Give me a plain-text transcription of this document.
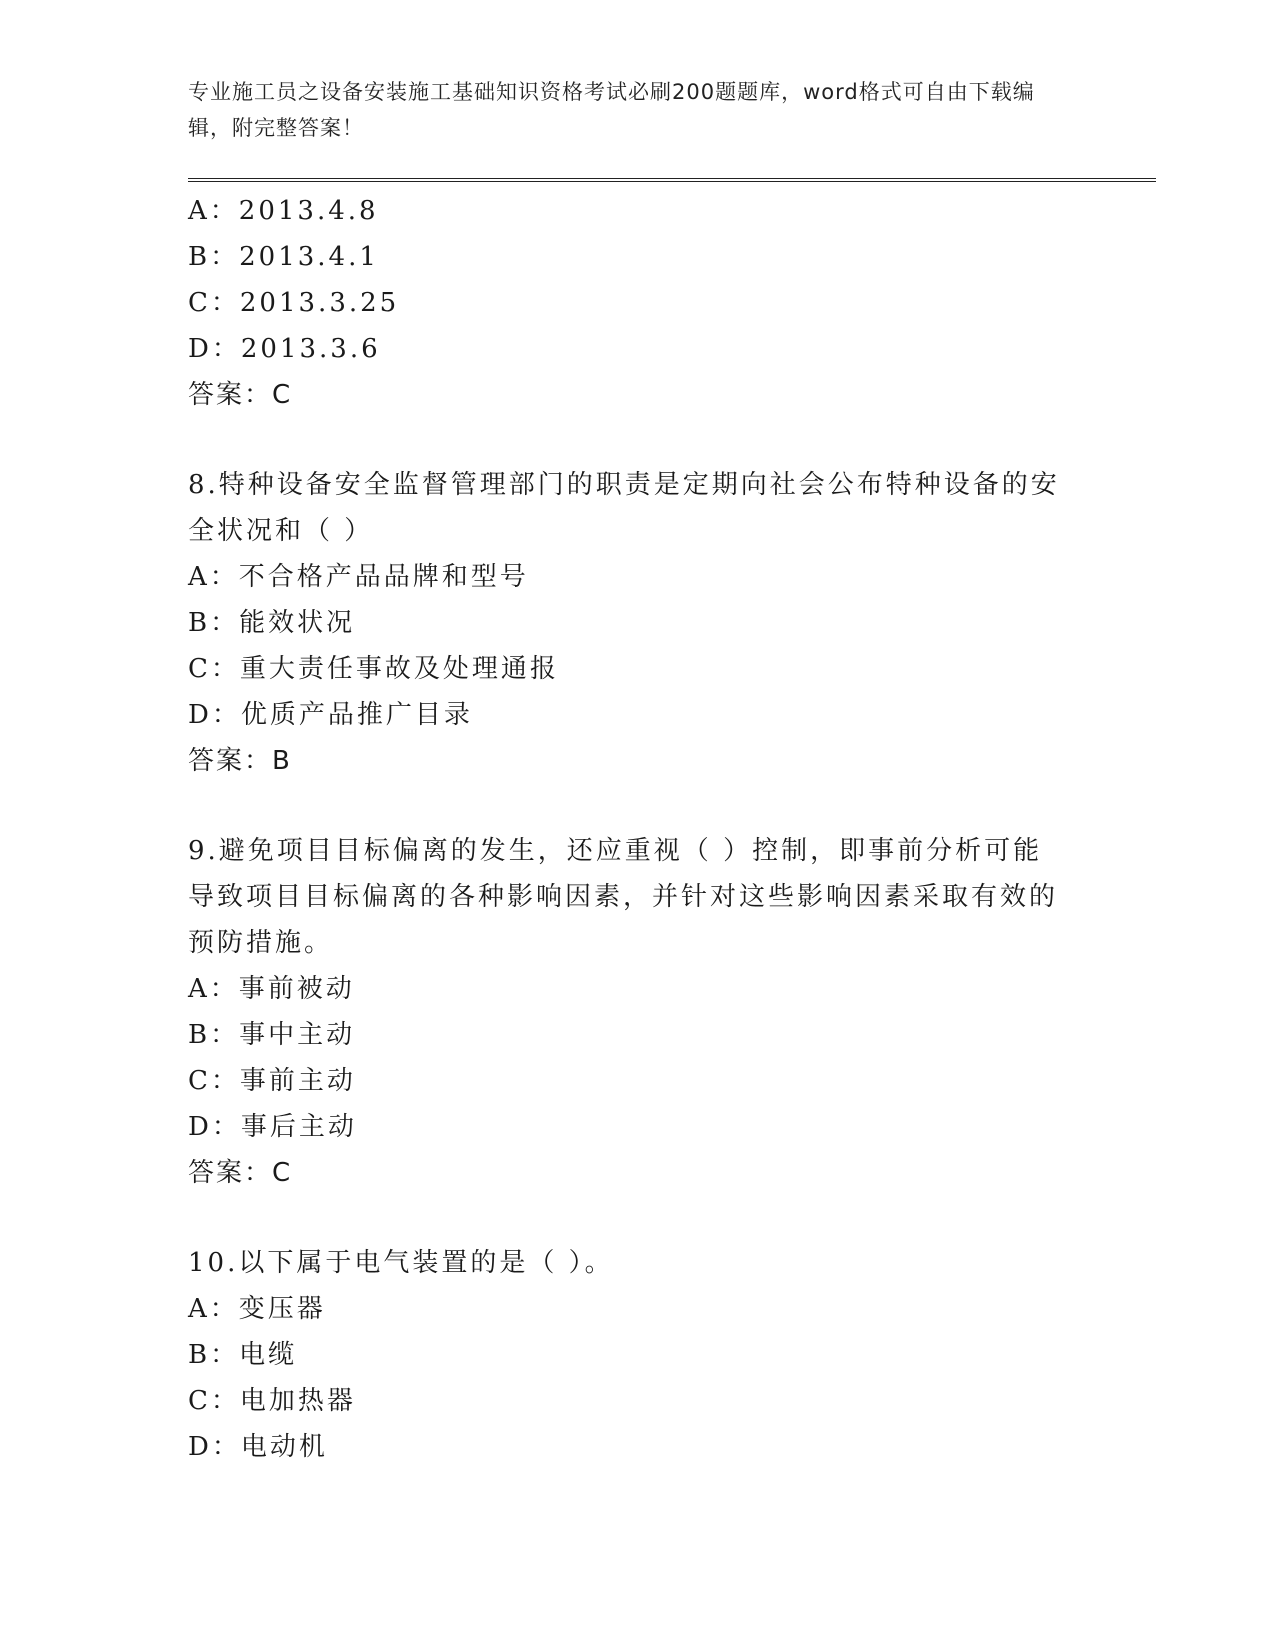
专业施工员之设备安装施工基础知识资格考试必刷200题题库，word格式可自由下载编辑，附完整答案！
A：2013.4.8
B：2013.4.1
C：2013.3.25
D：2013.3.6
答案：C
8.特种设备安全监督管理部门的职责是定期向社会公布特种设备的安全状况和（ ）
A：不合格产品品牌和型号
B：能效状况
C：重大责任事故及处理通报
D：优质产品推广目录
答案：B
9.避免项目目标偏离的发生，还应重视（ ）控制，即事前分析可能导致项目目标偏离的各种影响因素，并针对这些影响因素采取有效的预防措施。
A：事前被动
B：事中主动
C：事前主动
D：事后主动
答案：C
10.以下属于电气装置的是（ ）。
A：变压器
B：电缆
C：电加热器
D：电动机
